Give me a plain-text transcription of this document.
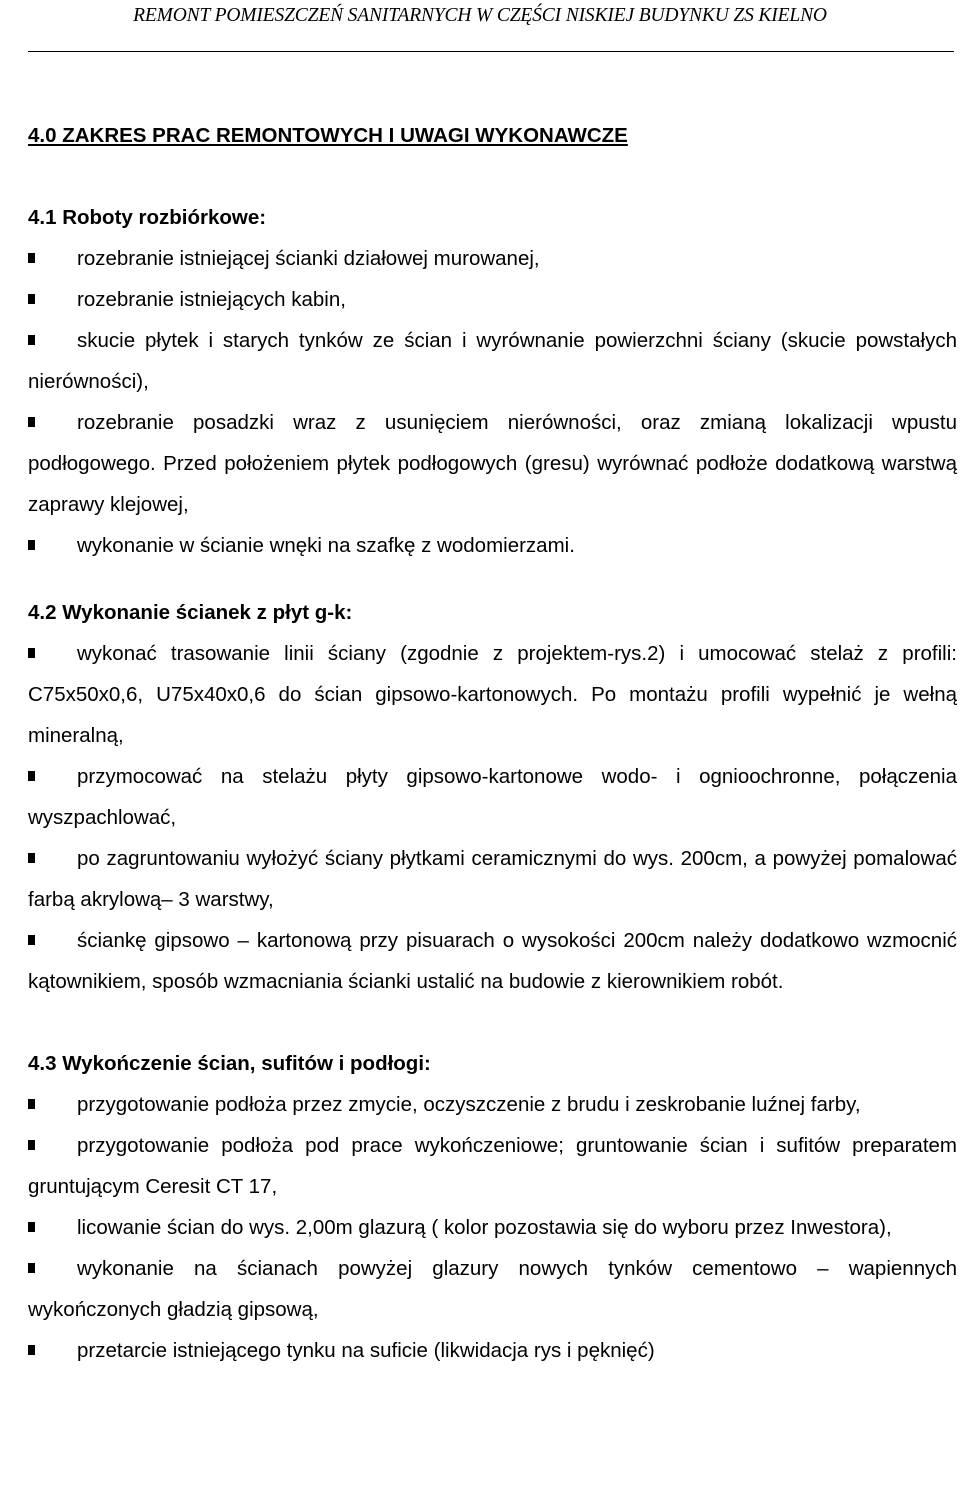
REMONT POMIESZCZEŃ SANITARNYCH W CZĘŚCI NISKIEJ BUDYNKU ZS KIELNO

4.0 ZAKRES PRAC REMONTOWYCH I UWAGI WYKONAWCZE

4.1 Roboty rozbiórkowe:

rozebranie istniejącej ścianki działowej murowanej,

rozebranie istniejących kabin,

skucie płytek i starych tynków ze ścian i wyrównanie powierzchni ściany (skucie powstałych nierówności),

rozebranie posadzki wraz z usunięciem nierówności, oraz zmianą lokalizacji wpustu podłogowego. Przed położeniem płytek podłogowych (gresu) wyrównać podłoże dodatkową warstwą zaprawy klejowej,

wykonanie w ścianie wnęki na szafkę z wodomierzami.

4.2 Wykonanie ścianek z płyt g-k:

wykonać trasowanie linii ściany (zgodnie z projektem-rys.2) i umocować stelaż z profili: C75x50x0,6, U75x40x0,6 do ścian gipsowo-kartonowych. Po montażu profili wypełnić je wełną mineralną,

przymocować na stelażu płyty gipsowo-kartonowe wodo- i ognioochronne, połączenia wyszpachlować,

po zagruntowaniu wyłożyć ściany płytkami ceramicznymi do wys. 200cm, a powyżej pomalować farbą akrylową– 3 warstwy,

ściankę gipsowo – kartonową przy pisuarach o wysokości 200cm należy dodatkowo wzmocnić kątownikiem, sposób wzmacniania ścianki ustalić na budowie z kierownikiem robót.

4.3 Wykończenie ścian, sufitów i podłogi:

przygotowanie podłoża przez zmycie, oczyszczenie z brudu i zeskrobanie luźnej farby,

przygotowanie podłoża pod prace wykończeniowe; gruntowanie ścian i sufitów preparatem gruntującym Ceresit CT 17,

licowanie ścian do wys. 2,00m glazurą ( kolor pozostawia się do wyboru przez Inwestora),

wykonanie na ścianach powyżej glazury nowych tynków cementowo – wapiennych wykończonych gładzią gipsową,

przetarcie istniejącego tynku na suficie (likwidacja rys i pęknięć)
